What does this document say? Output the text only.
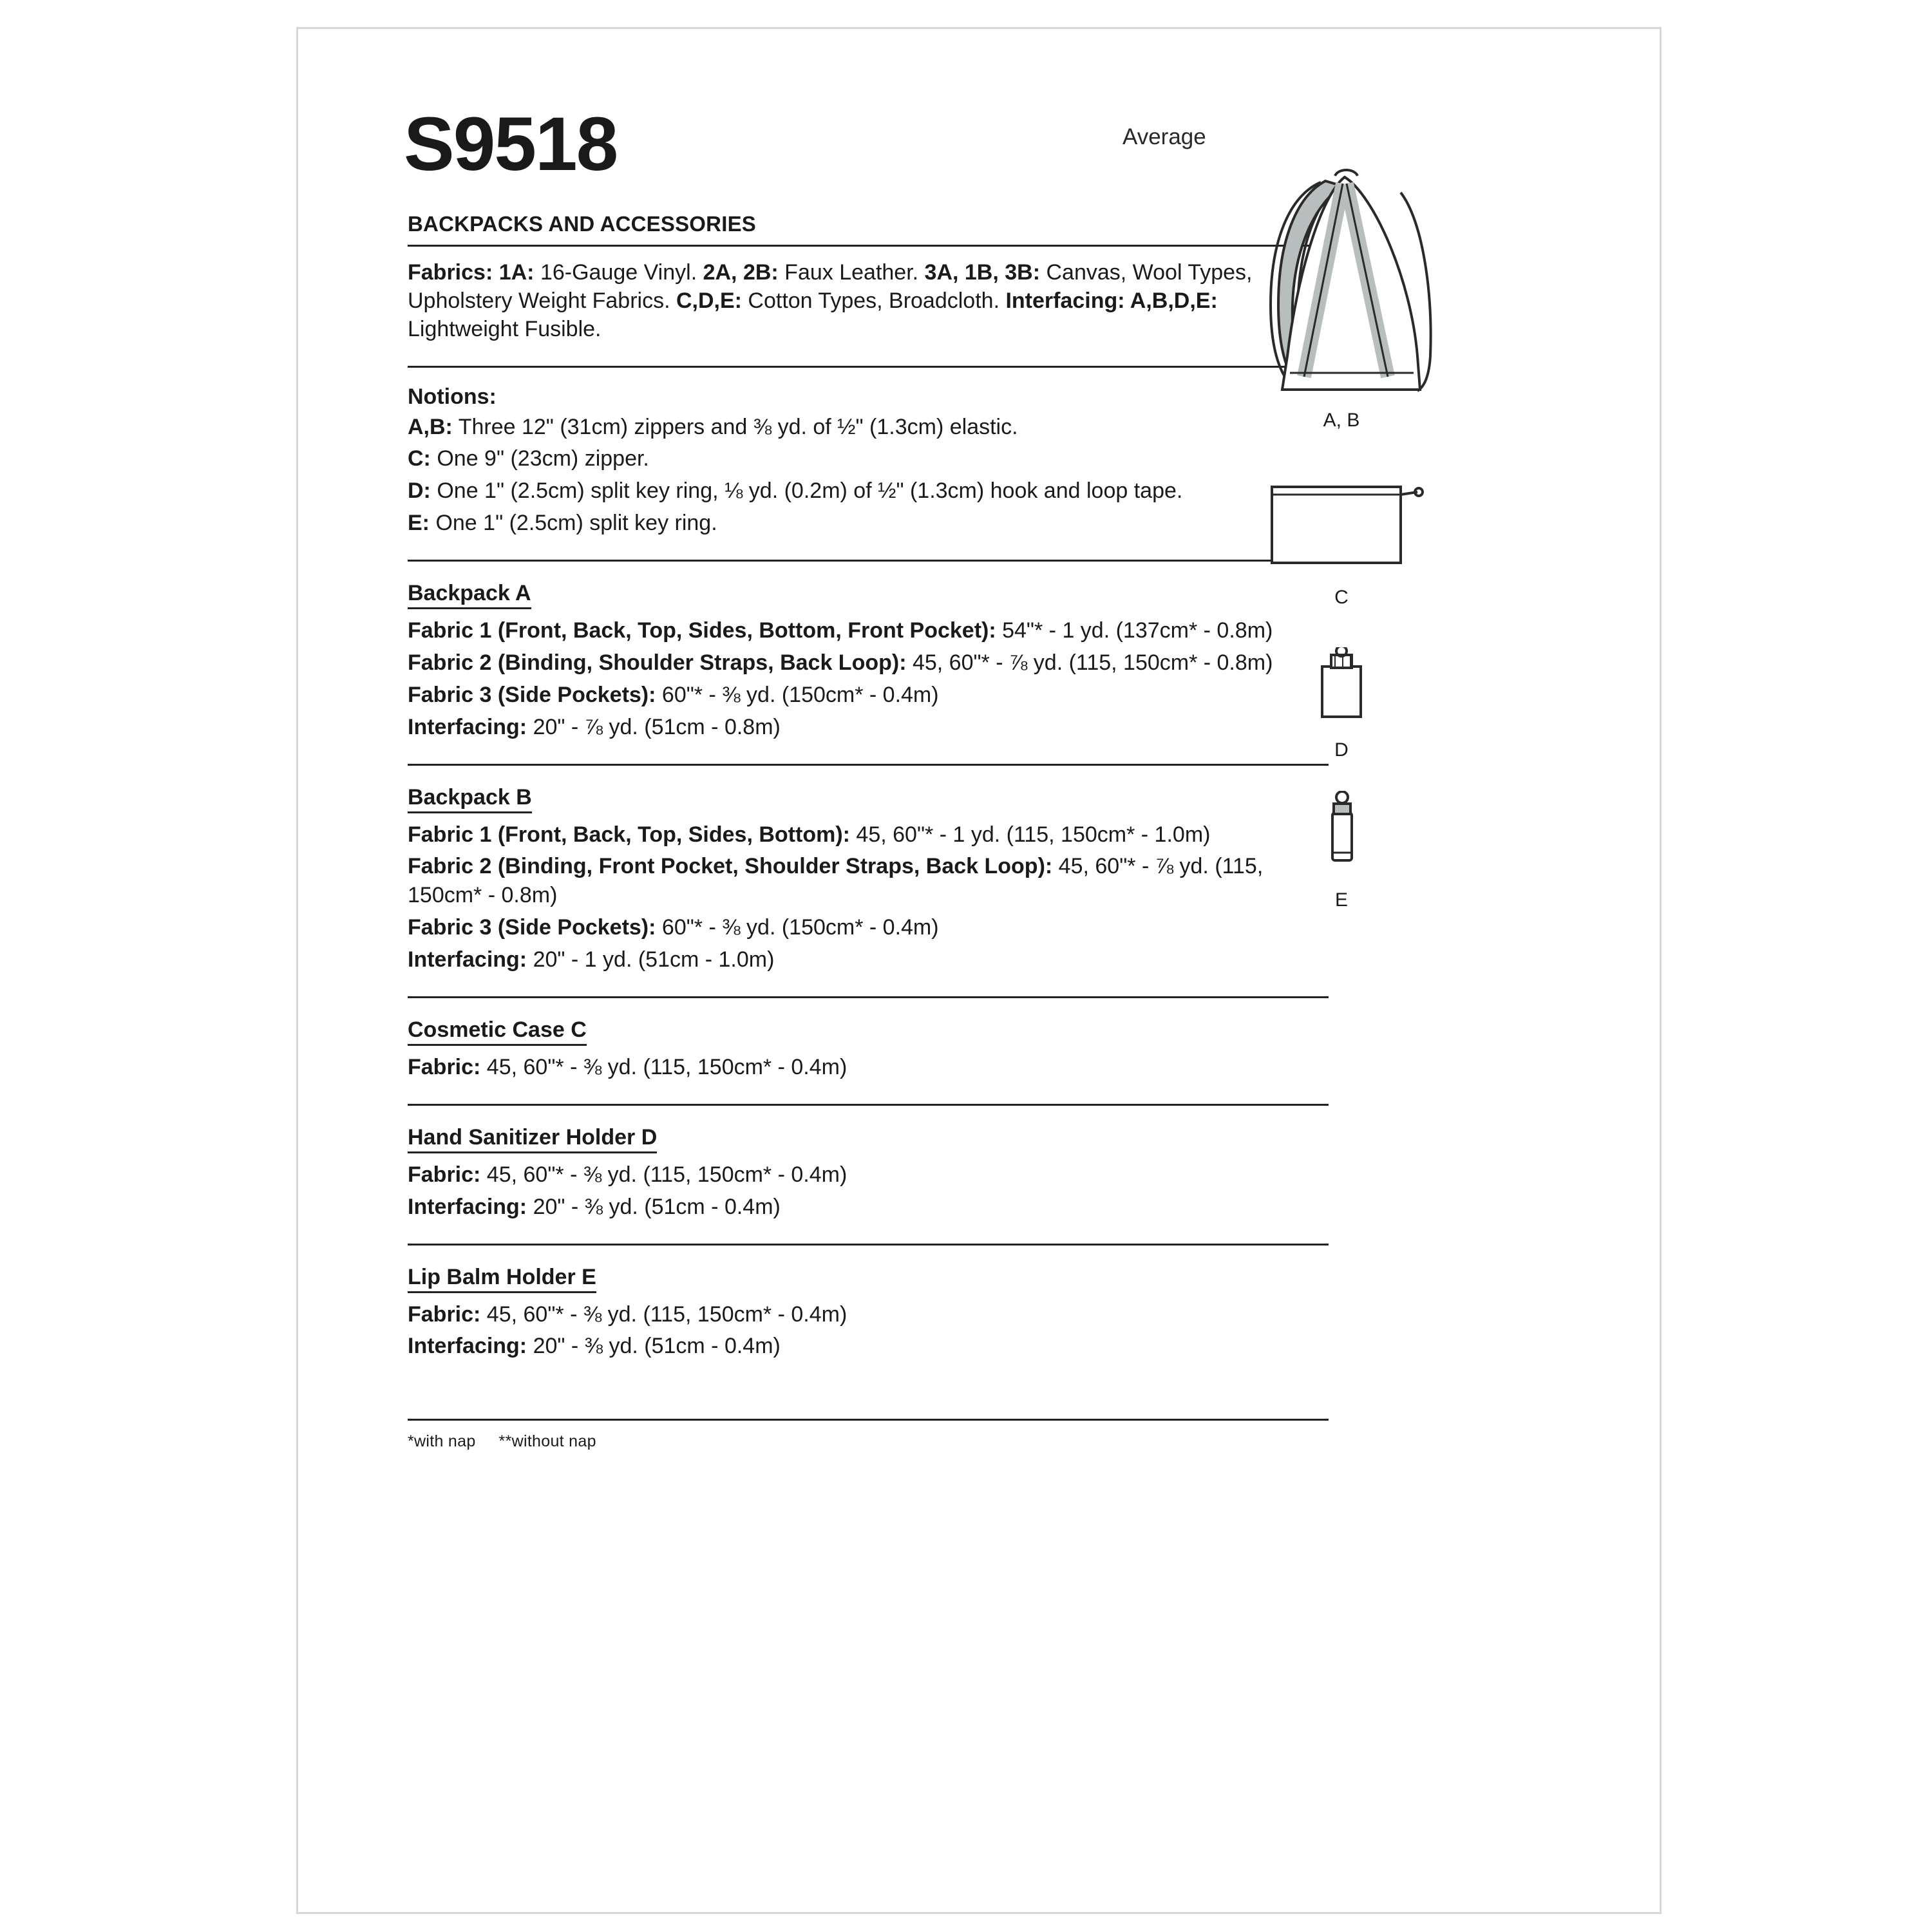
S9518
BACKPACKS AND ACCESSORIES
Fabrics: 1A: 16-Gauge Vinyl. 2A, 2B: Faux Leather. 3A, 1B, 3B: Canvas, Wool Types, Upholstery Weight Fabrics. C,D,E: Cotton Types, Broadcloth. Interfacing: A,B,D,E: Lightweight Fusible.
Notions:
A,B: Three 12" (31cm) zippers and ⅜ yd. of ½" (1.3cm) elastic.
C: One 9" (23cm) zipper.
D: One 1" (2.5cm) split key ring, ⅛ yd. (0.2m) of ½" (1.3cm) hook and loop tape.
E: One 1" (2.5cm) split key ring.
Backpack A
Fabric 1 (Front, Back, Top, Sides, Bottom, Front Pocket): 54"* - 1 yd. (137cm* - 0.8m)
Fabric 2 (Binding, Shoulder Straps, Back Loop): 45, 60"* - ⅞ yd. (115, 150cm* - 0.8m)
Fabric 3 (Side Pockets): 60"* - ⅜ yd. (150cm* - 0.4m)
Interfacing: 20" - ⅞ yd. (51cm - 0.8m)
Backpack B
Fabric 1 (Front, Back, Top, Sides, Bottom): 45, 60"* - 1 yd. (115, 150cm* - 1.0m)
Fabric 2 (Binding, Front Pocket, Shoulder Straps, Back Loop): 45, 60"* - ⅞ yd. (115, 150cm* - 0.8m)
Fabric 3 (Side Pockets): 60"* - ⅜ yd. (150cm* - 0.4m)
Interfacing: 20" - 1 yd. (51cm - 1.0m)
Cosmetic Case C
Fabric: 45, 60"* - ⅜ yd. (115, 150cm* - 0.4m)
Hand Sanitizer Holder D
Fabric: 45, 60"* - ⅜ yd. (115, 150cm* - 0.4m)
Interfacing: 20" - ⅜ yd. (51cm - 0.4m)
Lip Balm Holder E
Fabric: 45, 60"* - ⅜ yd. (115, 150cm* - 0.4m)
Interfacing: 20" - ⅜ yd. (51cm - 0.4m)
*with nap **without nap
Average
A, B
C
D
E
